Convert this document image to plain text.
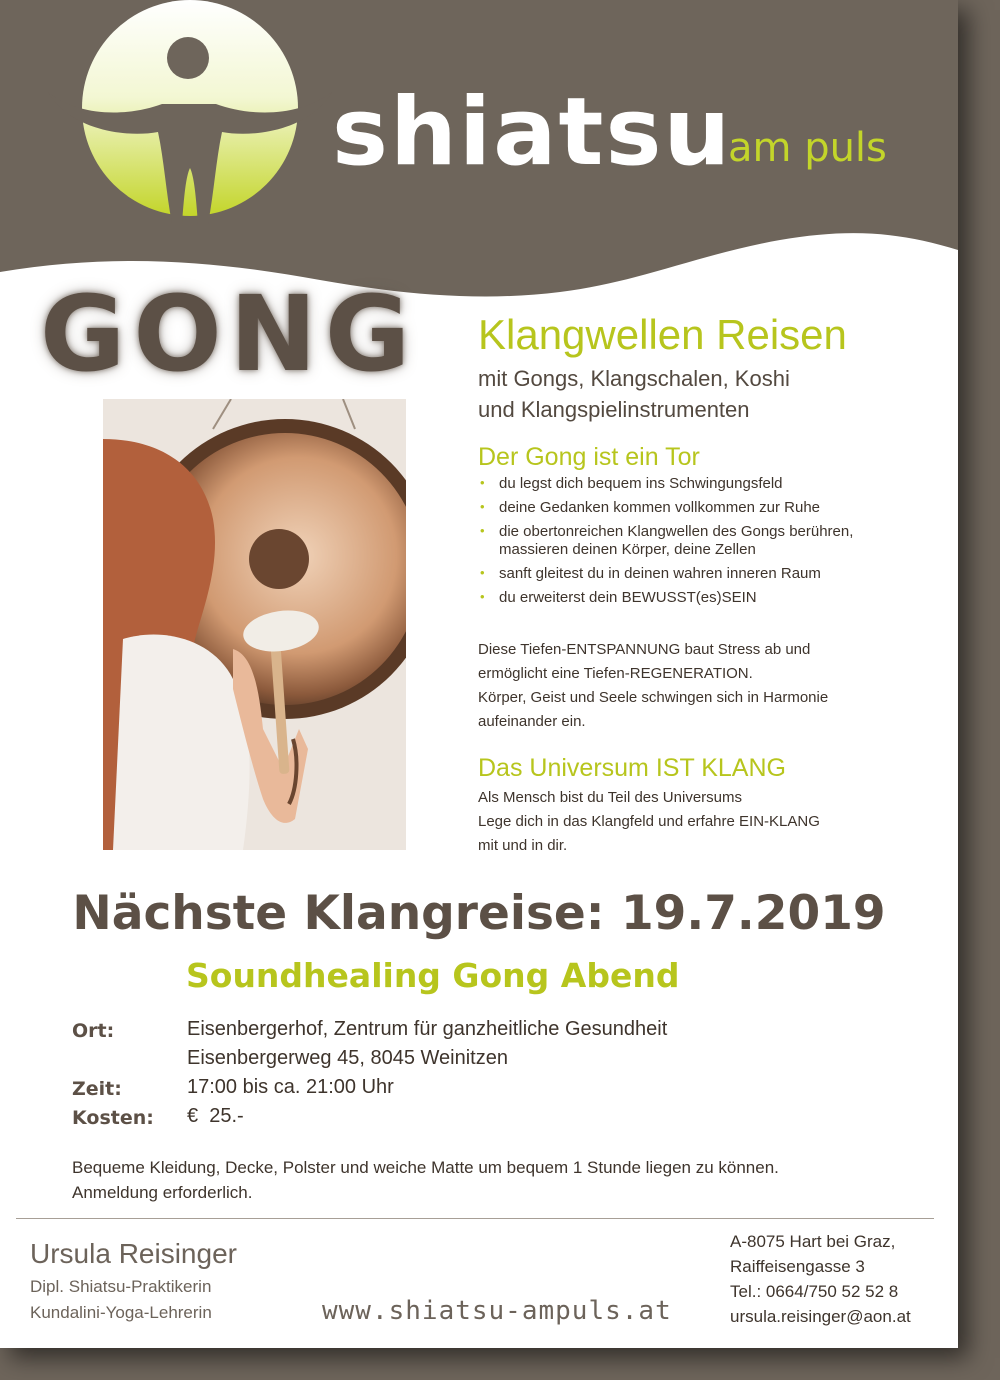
shiatsu
am puls
GONG Klangwellen Reisen
mit Gongs, Klangschalen, Koshi
und Klangspielinstrumenten
Der Gong ist ein Tor
• du legst dich bequem ins Schwingungsfeld
• deine Gedanken kommen vollkommen zur Ruhe
• die obertonreichen Klangwellen des Gongs berühren, massieren deinen Körper, deine Zellen
• sanft gleitest du in deinen wahren inneren Raum
• du erweiterst dein BEWUSST(es)SEIN
Diese Tiefen-ENTSPANNUNG baut Stress ab und
ermöglicht eine Tiefen-REGENERATION.
Körper, Geist und Seele schwingen sich in Harmonie
aufeinander ein.
Das Universum IST KLANG
Als Mensch bist du Teil des Universums
Lege dich in das Klangfeld und erfahre EIN-KLANG
mit und in dir.
Nächste Klangreise: 19.7.2019
Soundhealing Gong Abend
Ort:	Eisenbergerhof, Zentrum für ganzheitliche Gesundheit
Eisenbergerweg 45, 8045 Weinitzen
Zeit:	17:00 bis ca. 21:00 Uhr
Kosten: €  25.-
Bequeme Kleidung, Decke, Polster und weiche Matte um bequem 1 Stunde liegen zu können.
Anmeldung erforderlich.
Ursula Reisinger
Dipl. Shiatsu-Praktikerin
Kundalini-Yoga-Lehrerin	www.shiatsu-ampuls.at
A-8075 Hart bei Graz,
Raiffeisengasse 3
Tel.: 0664/750 52 52 8
ursula.reisinger@aon.at
